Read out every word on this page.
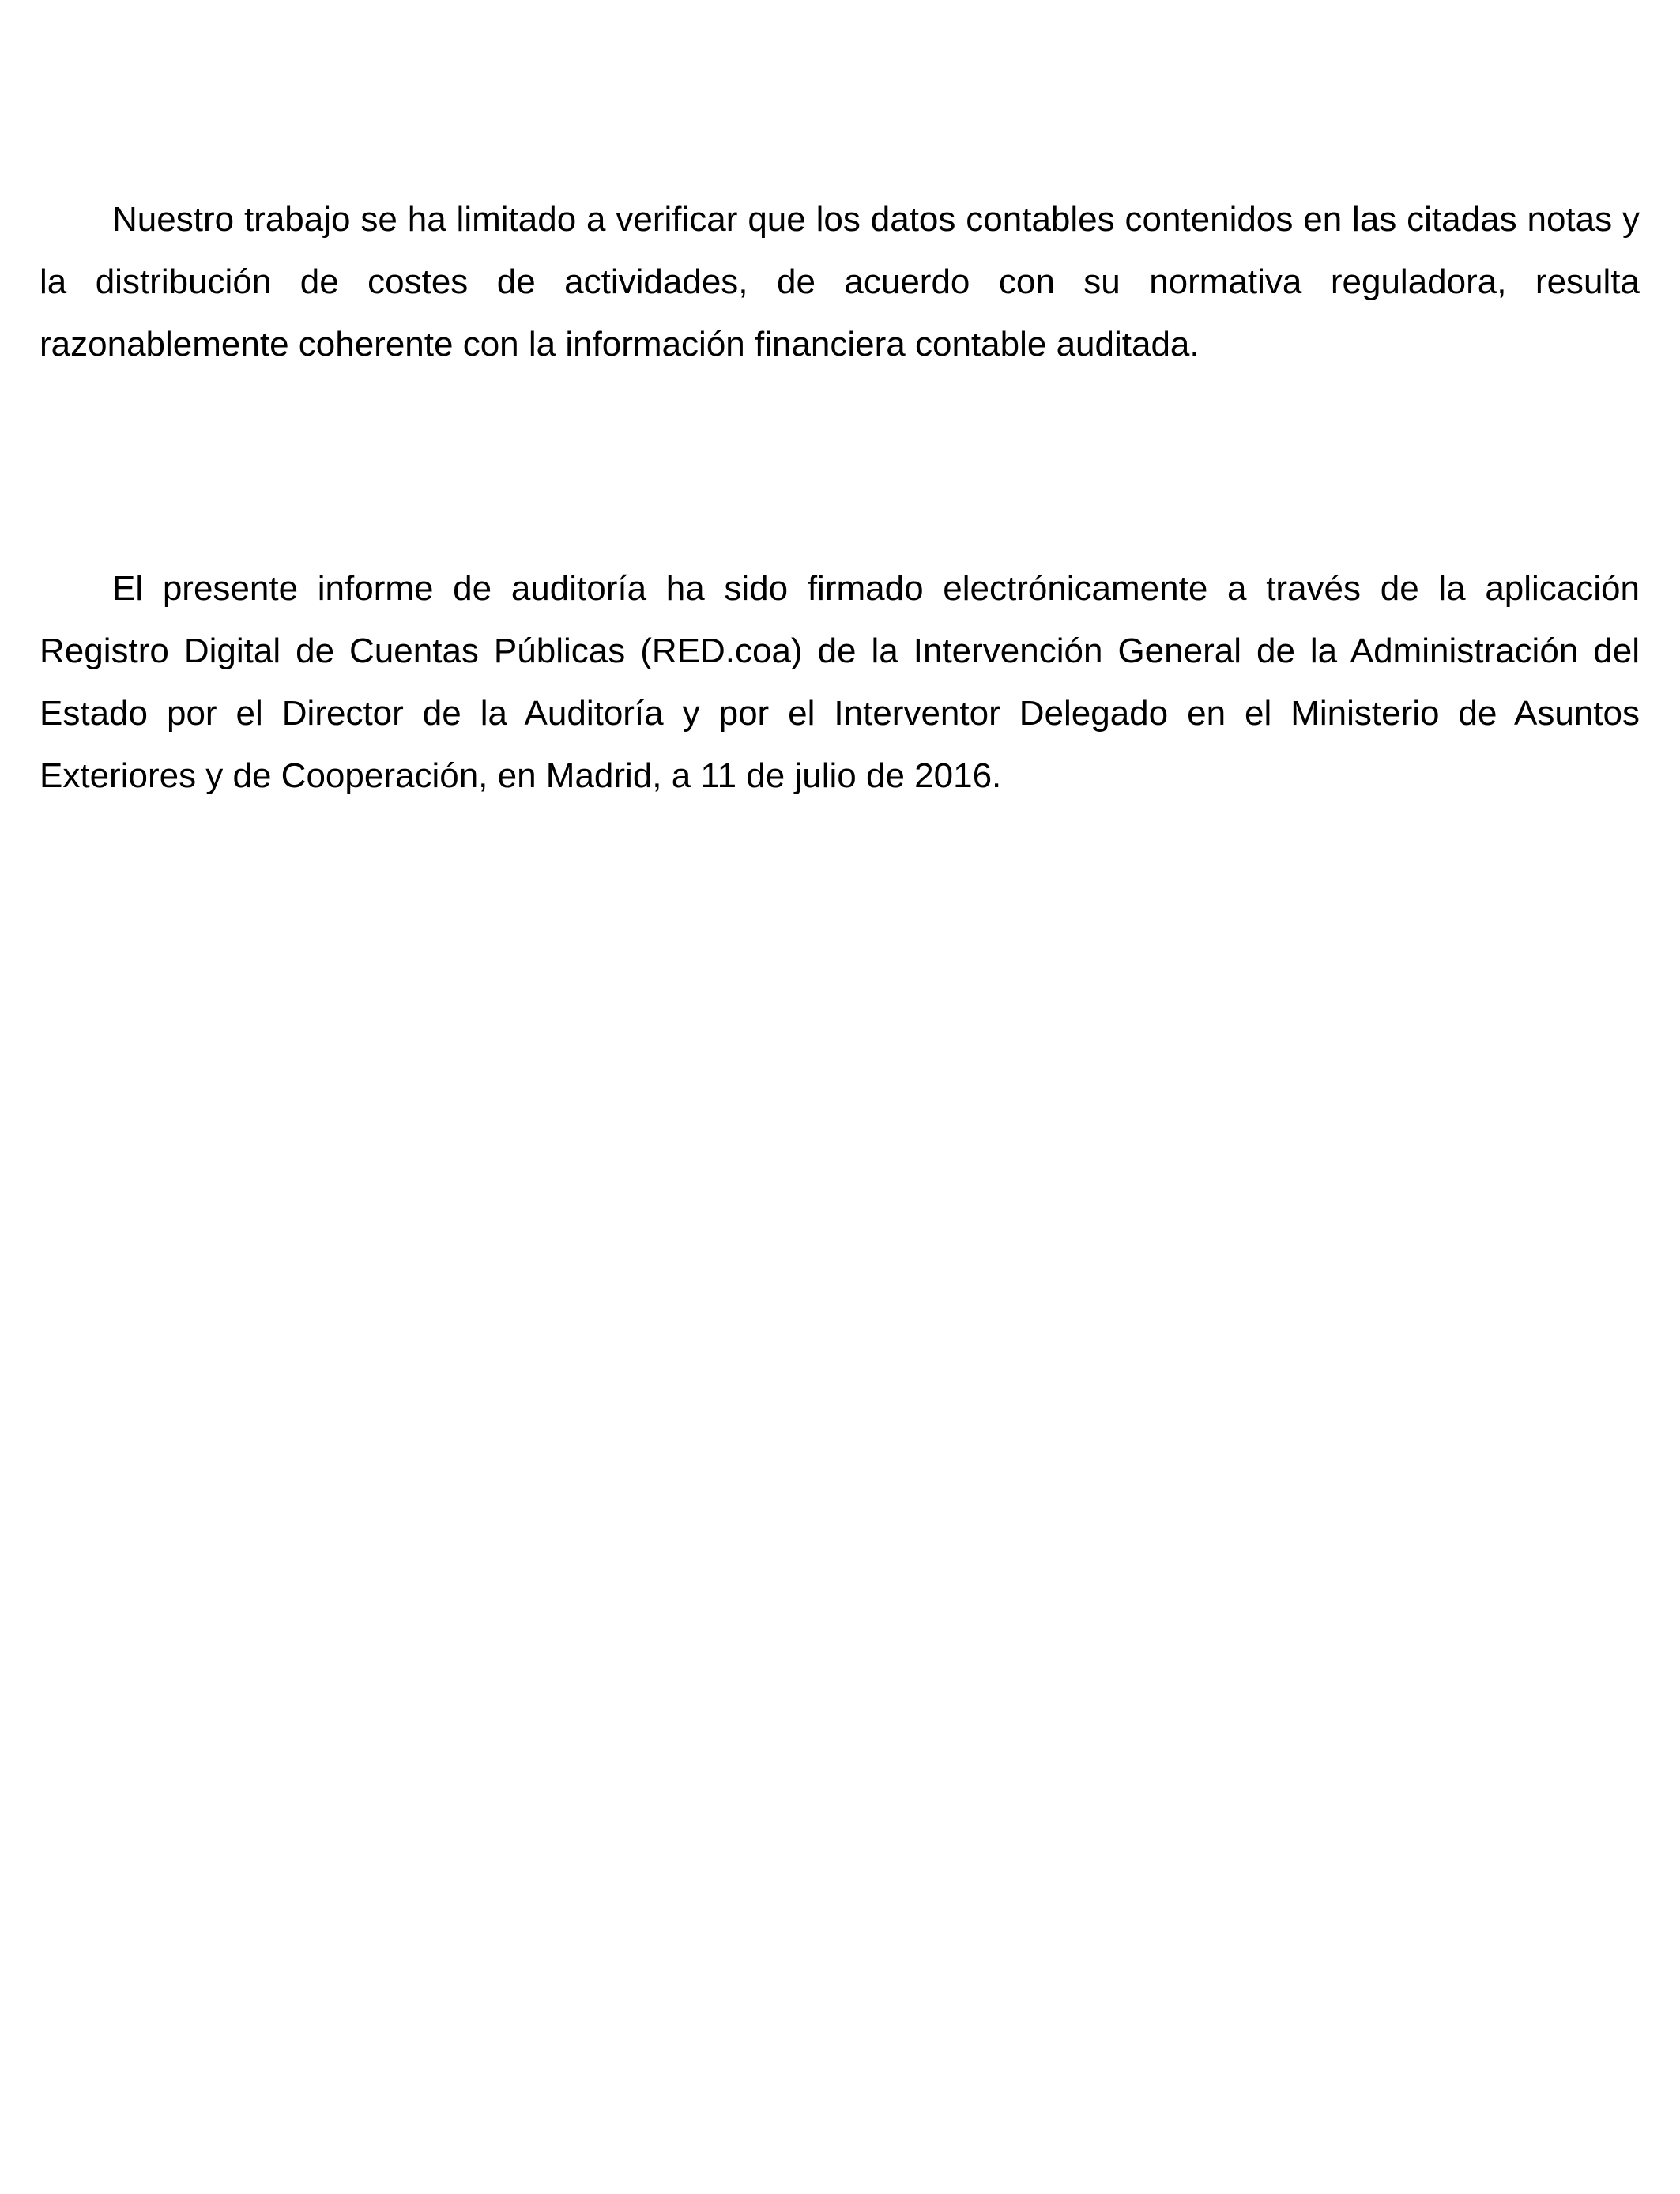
Nuestro trabajo se ha limitado a verificar que los datos contables contenidos en las citadas notas y la distribución de costes de actividades, de acuerdo con su normativa reguladora, resulta razonablemente coherente con la información financiera contable auditada.

El presente informe de auditoría ha sido firmado electrónicamente a través de la aplicación Registro Digital de Cuentas Públicas (RED.coa) de la Intervención General de la Administración del Estado por el Director de la Auditoría y por el Interventor Delegado en el Ministerio de Asuntos Exteriores y de Cooperación, en Madrid, a 11 de julio de 2016.
